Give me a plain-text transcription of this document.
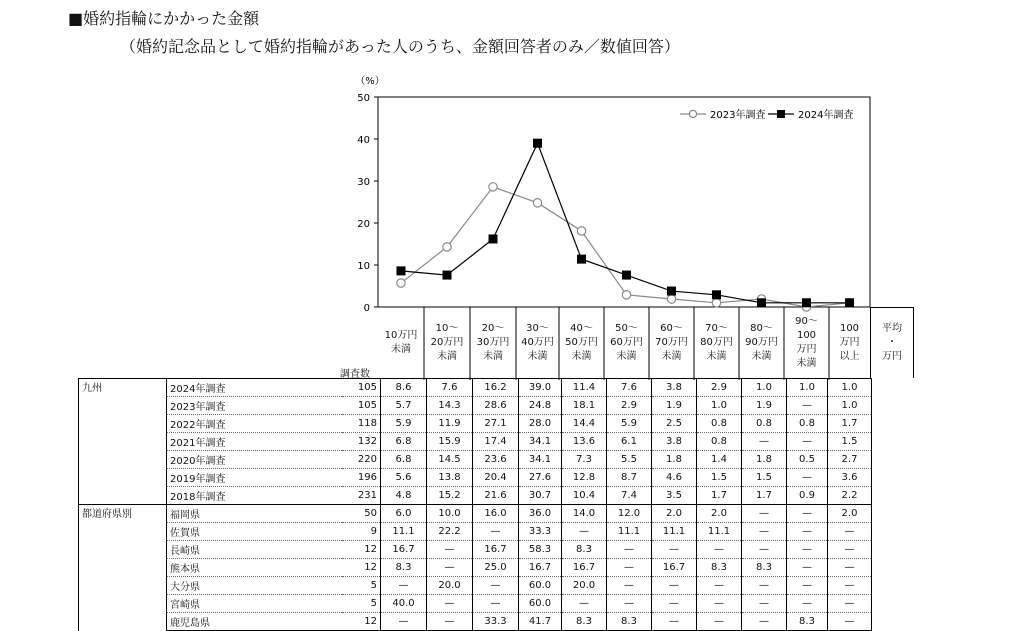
■婚約指輪にかかった金額
（婚約記念品として婚約指輪があった人のうち、金額回答者のみ／数値回答）
0
10
20
30
40
50
（%）
2023年調査	2024年調査
九州	2024年調査	105	8.6	7.6	16.2	39.0	11.4	7.6	3.8	2.9	1.0	1.0	1.0	
	2023年調査	105	5.7	14.3	28.6	24.8	18.1	2.9	1.9	1.0	1.9	—	1.0	
	2022年調査	118	5.9	11.9	27.1	28.0	14.4	5.9	2.5	0.8	0.8	0.8	1.7	
	2021年調査	132	6.8	15.9	17.4	34.1	13.6	6.1	3.8	0.8	—	—	1.5	
	2020年調査	220	6.8	14.5	23.6	34.1	7.3	5.5	1.8	1.4	1.8	0.5	2.7	
	2019年調査	196	5.6	13.8	20.4	27.6	12.8	8.7	4.6	1.5	1.5	—	3.6	
	2018年調査	231	4.8	15.2	21.6	30.7	10.4	7.4	3.5	1.7	1.7	0.9	2.2	
都道府県別	福岡県	50	6.0	10.0	16.0	36.0	14.0	12.0	2.0	2.0	—	—	2.0	
	佐賀県	9	11.1	22.2	—	33.3	—	11.1	11.1	11.1	—	—	—	
	長崎県	12	16.7	—	16.7	58.3	8.3	—	—	—	—	—	—	
	熊本県	12	8.3	—	25.0	16.7	16.7	—	16.7	8.3	8.3	—	—	
	大分県	5	—	20.0	—	60.0	20.0	—	—	—	—	—	—	
	宮崎県	5	40.0	—	—	60.0	—	—	—	—	—	—	—	
	鹿児島県	12	—	—	33.3	41.7	8.3	8.3	—	—	—	8.3	—	
10万円
未満
10～
20万円
未満
20～
30万円
未満
30～
40万円
未満
40～
50万円
未満
50～
60万円
未満
60～
70万円
未満
70～
80万円
未満
80～
90万円
未満
90～
100
万円
未満
100
万円
以上
平均
・
万円
調査数
